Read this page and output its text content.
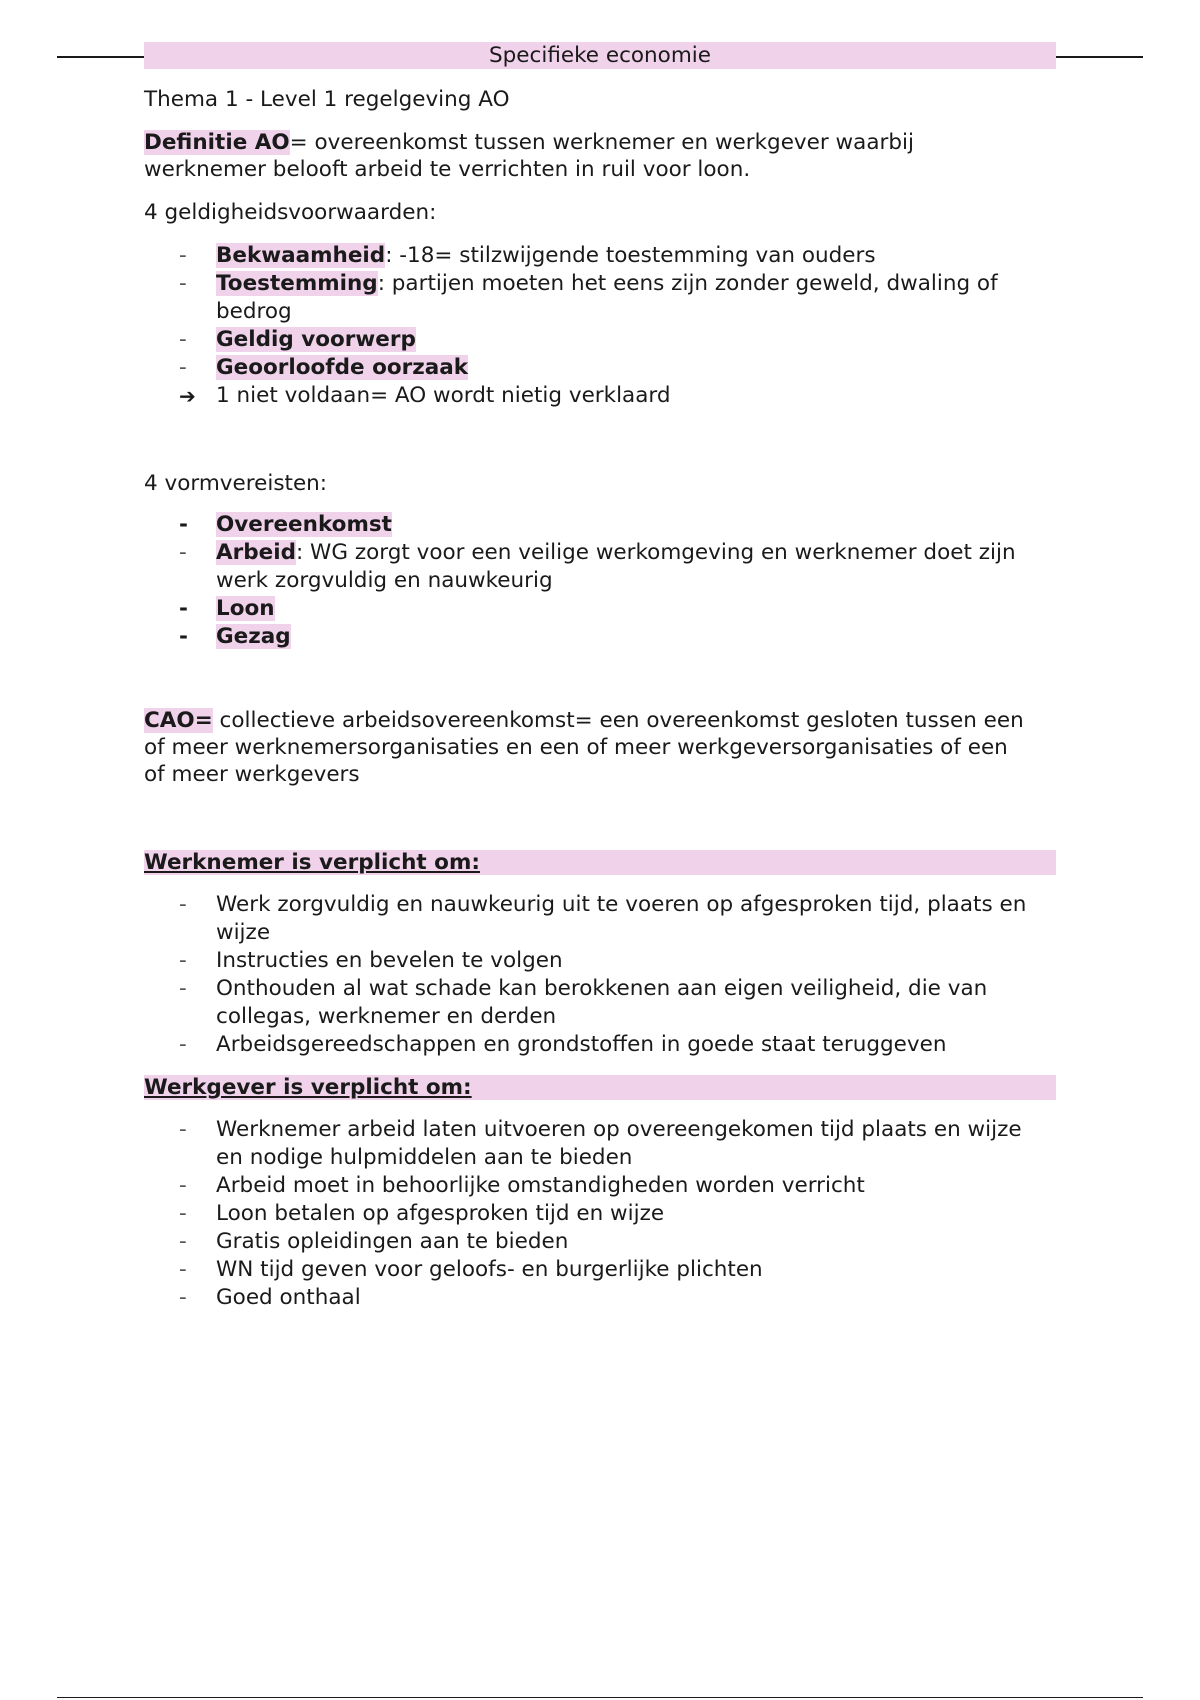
Specifieke economie

Thema 1 - Level 1 regelgeving AO

Definitie AO= overeenkomst tussen werknemer en werkgever waarbij
werknemer belooft arbeid te verrichten in ruil voor loon.

4 geldigheidsvoorwaarden:

-	Bekwaamheid: -18= stilzwijgende toestemming van ouders
-	Toestemming: partijen moeten het eens zijn zonder geweld, dwaling of
bedrog
-	Geldig voorwerp
-	Geoorloofde oorzaak
➔ 1 niet voldaan= AO wordt nietig verklaard

4 vormvereisten:

-	Overeenkomst
-	Arbeid: WG zorgt voor een veilige werkomgeving en werknemer doet zijn
werk zorgvuldig en nauwkeurig
-	Loon
-	Gezag

CAO= collectieve arbeidsovereenkomst= een overeenkomst gesloten tussen een
of meer werknemersorganisaties en een of meer werkgeversorganisaties of een
of meer werkgevers

Werknemer is verplicht om:
-	Werk zorgvuldig en nauwkeurig uit te voeren op afgesproken tijd, plaats en
wijze
-	Instructies en bevelen te volgen
-	Onthouden al wat schade kan berokkenen aan eigen veiligheid, die van
collegas, werknemer en derden
-	Arbeidsgereedschappen en grondstoffen in goede staat teruggeven
Werkgever is verplicht om:
-	Werknemer arbeid laten uitvoeren op overeengekomen tijd plaats en wijze
en nodige hulpmiddelen aan te bieden
-	Arbeid moet in behoorlijke omstandigheden worden verricht
-	Loon betalen op afgesproken tijd en wijze
-	Gratis opleidingen aan te bieden
-	WN tijd geven voor geloofs- en burgerlijke plichten
-	Goed onthaal
